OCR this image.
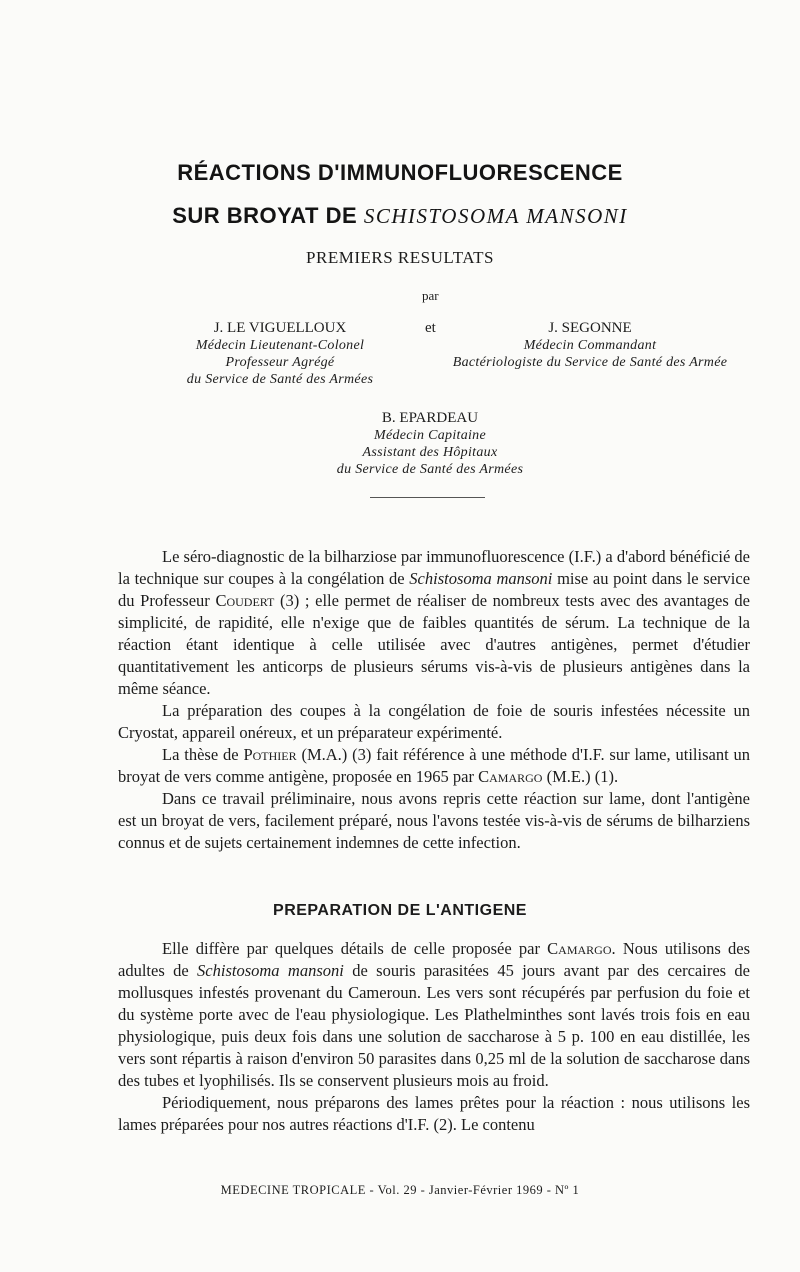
RÉACTIONS D'IMMUNOFLUORESCENCE
SUR BROYAT DE SCHISTOSOMA MANSONI
PREMIERS RESULTATS
par
J. LE VIGUELLOUX
Médecin Lieutenant-Colonel
Professeur Agrégé
du Service de Santé des Armées
et	J. SEGONNE
Médecin Commandant
Bactériologiste du Service de Santé des Armée
B. EPARDEAU
Médecin Capitaine
Assistant des Hôpitaux
du Service de Santé des Armées

Le séro-diagnostic de la bilharziose par immunofluorescence (I.F.) a d'abord bénéficié de la technique sur coupes à la congélation de Schistosoma mansoni mise au point dans le service du Professeur Coudert (3) ; elle permet de réaliser de nombreux tests avec des avantages de simplicité, de rapidité, elle n'exige que de faibles quantités de sérum. La technique de la réaction étant identique à celle utilisée avec d'autres antigènes, permet d'étudier quantitativement les anticorps de plusieurs sérums vis-à-vis de plusieurs antigènes dans la même séance.

La préparation des coupes à la congélation de foie de souris infestées nécessite un Cryostat, appareil onéreux, et un préparateur expérimenté.

La thèse de Pothier (M.A.) (3) fait référence à une méthode d'I.F. sur lame, utilisant un broyat de vers comme antigène, proposée en 1965 par Camargo (M.E.) (1).

Dans ce travail préliminaire, nous avons repris cette réaction sur lame, dont l'antigène est un broyat de vers, facilement préparé, nous l'avons testée vis-à-vis de sérums de bilharziens connus et de sujets certainement indemnes de cette infection.

PREPARATION DE L'ANTIGENE

Elle diffère par quelques détails de celle proposée par Camargo. Nous utilisons des adultes de Schistosoma mansoni de souris parasitées 45 jours avant par des cercaires de mollusques infestés provenant du Cameroun. Les vers sont récupérés par perfusion du foie et du système porte avec de l'eau physiologique. Les Plathelminthes sont lavés trois fois en eau physiologique, puis deux fois dans une solution de saccharose à 5 p. 100 en eau distillée, les vers sont répartis à raison d'environ 50 parasites dans 0,25 ml de la solution de saccharose dans des tubes et lyophilisés. Ils se conservent plusieurs mois au froid.

Périodiquement, nous préparons des lames prêtes pour la réaction : nous utilisons les lames préparées pour nos autres réactions d'I.F. (2). Le contenu

MEDECINE TROPICALE - Vol. 29 - Janvier-Février 1969 - Nº 1
